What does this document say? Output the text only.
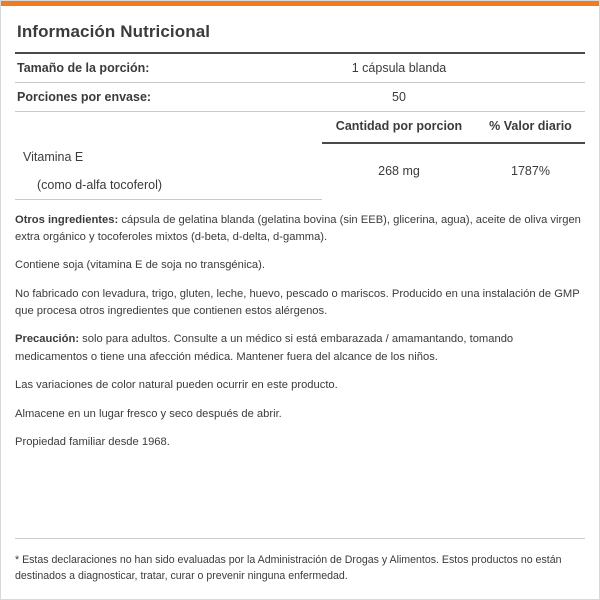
Información Nutricional
Tamaño de la porción:	1 cápsula blanda	
Porciones por envase:	50	
	Cantidad por porcion	% Valor diario
Vitamina E	268 mg	1787%
(como d-alfa tocoferol)		

Otros ingredientes: cápsula de gelatina blanda (gelatina bovina (sin EEB), glicerina, agua), aceite de oliva virgen extra orgánico y tocoferoles mixtos (d-beta, d-delta, d-gamma).

Contiene soja (vitamina E de soja no transgénica).

No fabricado con levadura, trigo, gluten, leche, huevo, pescado o mariscos. Producido en una instalación de GMP que procesa otros ingredientes que contienen estos alérgenos.

Precaución: solo para adultos. Consulte a un médico si está embarazada / amamantando, tomando medicamentos o tiene una afección médica. Mantener fuera del alcance de los niños.

Las variaciones de color natural pueden ocurrir en este producto.

Almacene en un lugar fresco y seco después de abrir.

Propiedad familiar desde 1968.

* Estas declaraciones no han sido evaluadas por la Administración de Drogas y Alimentos. Estos productos no están destinados a diagnosticar, tratar, curar o prevenir ninguna enfermedad.
